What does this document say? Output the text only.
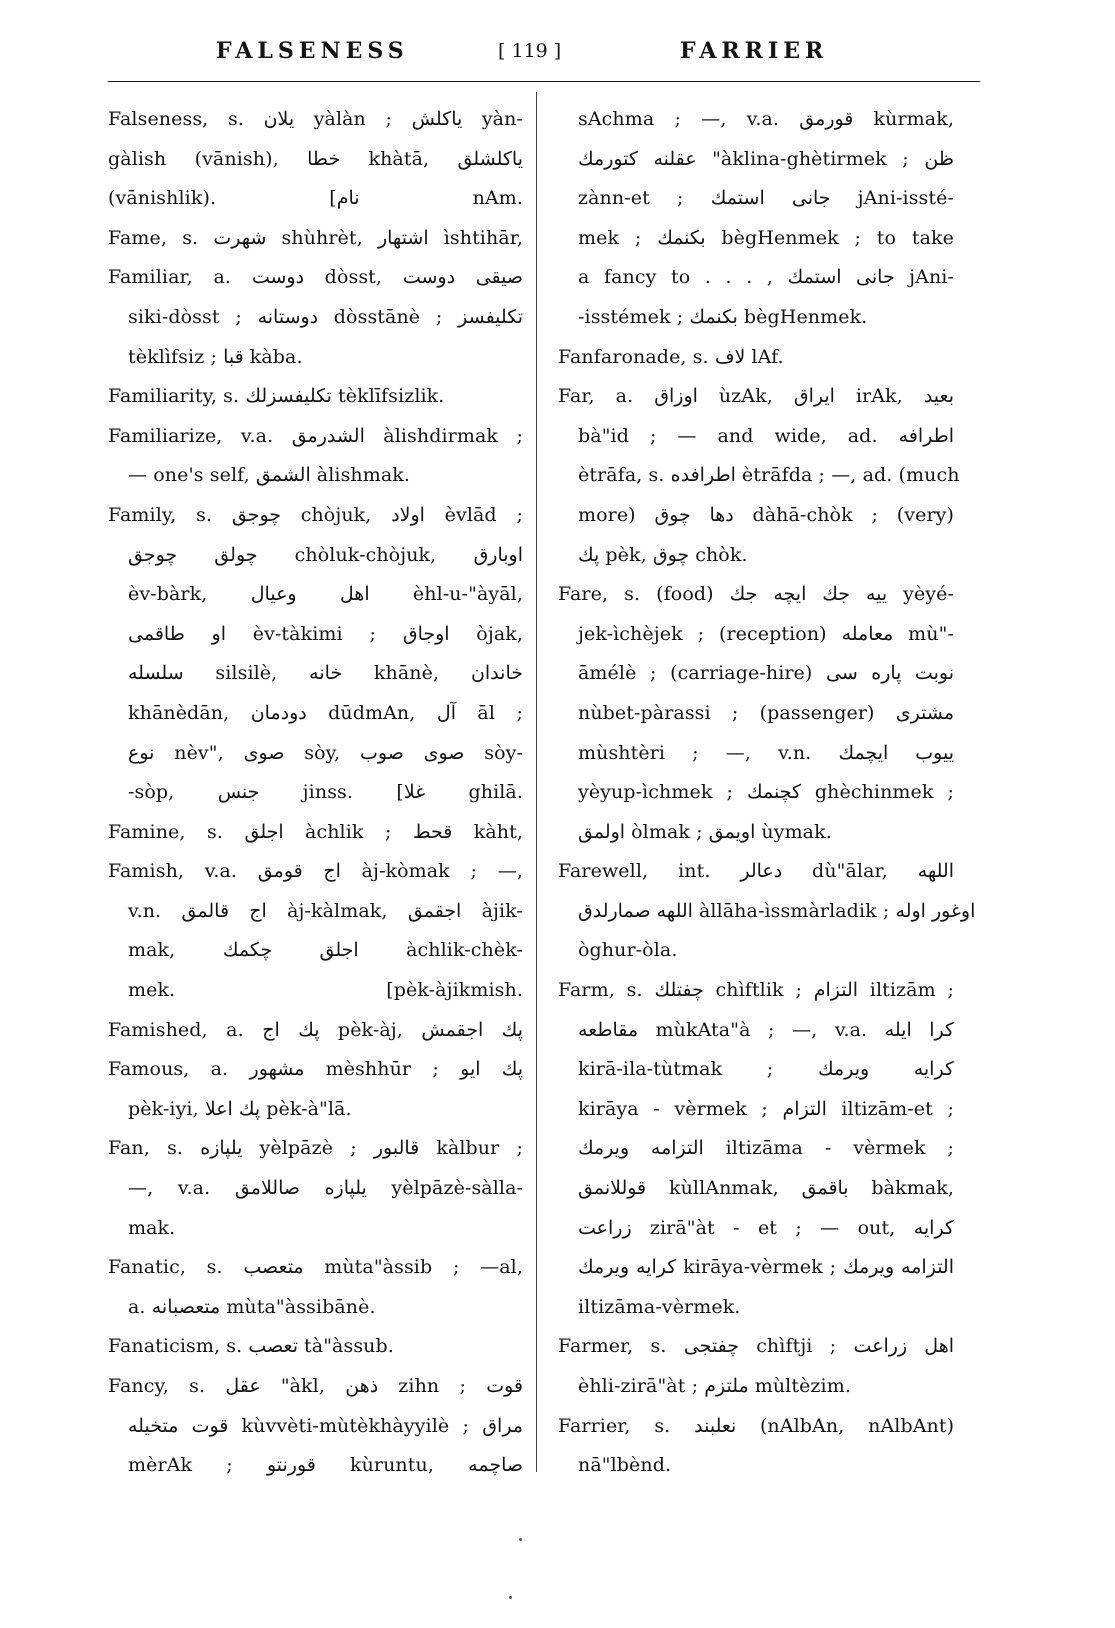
FALSENESS	[ 119 ]	FARRIER
Falseness, s. یلان yàlàn ; یاکلش yàn-
gàlish (vānish), خطا khàtā, یاکلشلق
(vānishlik). [نام nAm.
Fame, s. شهرت shùhrèt, اشتهار ìshtihār,
Familiar, a. دوست dòsst, صیقی دوست
siki-dòsst ; دوستانه dòsstānè ; تکلیفسز
tèklìfsiz ; قبا kàba.
Familiarity, s. تکلیفسزلك tèklīfsizlik.
Familiarize, v.a. الشدرمق àlishdirmak ;
— one's self, الشمق àlishmak.
Family, s. چوجق chòjuk, اولاد èvlād ;
چولق چوجق chòluk-chòjuk, اوبارق
èv-bàrk, اهل وعیال èhl-u-"àyāl,
او طاقمی èv-tàkimi ; اوجاق òjak,
سلسله silsilè, خانه khānè, خاندان
khānèdān, دودمان dūdmAn, آل āl ;
نوع nèv", صوی sòy, صوی صوب sòy-
-sòp, جنس jinss. [غلا ghilā.
Famine, s. اجلق àchlik ; قحط kàht,
Famish, v.a. اج قومق àj-kòmak ; —,
v.n. اج قالمق àj-kàlmak, اجقمق àjik-
mak, اجلق چکمك àchlik-chèk-
mek. [pèk-àjikmish.
Famished, a. پك اج pèk-àj, پك اجقمش
Famous, a. مشهور mèshhūr ; پك ایو
pèk-iyi, پك اعلا pèk-à"lā.
Fan, s. یلپازه yèlpāzè ; قالبور kàlbur ;
—, v.a. یلپازه صاللامق yèlpāzè-sàlla-
mak.
Fanatic, s. متعصب mùta"àssib ; —al,
a. متعصبانه mùta"àssibānè.
Fanaticism, s. تعصب tà"àssub.
Fancy, s. عقل "àkl, ذهن zihn ; قوت
قوت متخیله kùvvèti-mùtèkhàyyilè ; مراق
mèrAk ; قورنتو kùruntu, صاچمه
sAchma ; —, v.a. قورمق kùrmak,
عقلنه کتورمك "àklina-ghètirmek ; ظن
zànn-et ; جانی استمك jAni-issté-
mek ; بکنمك bègHenmek ; to take
a fancy to . . . , جانی استمك jAni-
-isstémek ; بکنمك bègHenmek.
Fanfaronade, s. لاف lAf.
Far, a. اوزاق ùzAk, ایراق irAk, بعید
bà"id ; — and wide, ad. اطرافه
ètrāfa, s. اطرافده ètrāfda ; —, ad. (much
more) دها چوق dàhā-chòk ; (very)
پك pèk, چوق chòk.
Fare, s. (food) ییه جك ایچه جك yèyé-
jek-ìchèjek ; (reception) معامله mù"-
āmélè ; (carriage-hire) نوبت پاره سی
nùbet-pàrassi ; (passenger) مشتری
mùshtèri ; —, v.n. ییوب ایچمك
yèyup-ìchmek ; کچنمك ghèchinmek ;
اولمق òlmak ; اویمق ùymak.
Farewell, int. دعالر dù"ālar, اللهه
اللهه صمارلدق àllāha-ìssmàrladik ; اوغور اوله
òghur-òla.
Farm, s. چفتلك chìftlik ; التزام iltizām ;
مقاطعه mùkAta"à ; —, v.a. کرا ایله
kirā-ila-tùtmak ; کرایه ویرمك
kirāya - vèrmek ; التزام iltizām-et ;
التزامه ویرمك iltizāma - vèrmek ;
قوللانمق kùllAnmak, باقمق bàkmak,
زراعت zirā"àt - et ; — out, کرایه
کرایه ویرمك kirāya-vèrmek ; التزامه ویرمك
iltizāma-vèrmek.
Farmer, s. چفتجی chìftji ; اهل زراعت
èhli-zirā"àt ; ملتزم mùltèzim.
Farrier, s. نعلبند (nAlbAn, nAlbAnt)
nā"lbènd.
